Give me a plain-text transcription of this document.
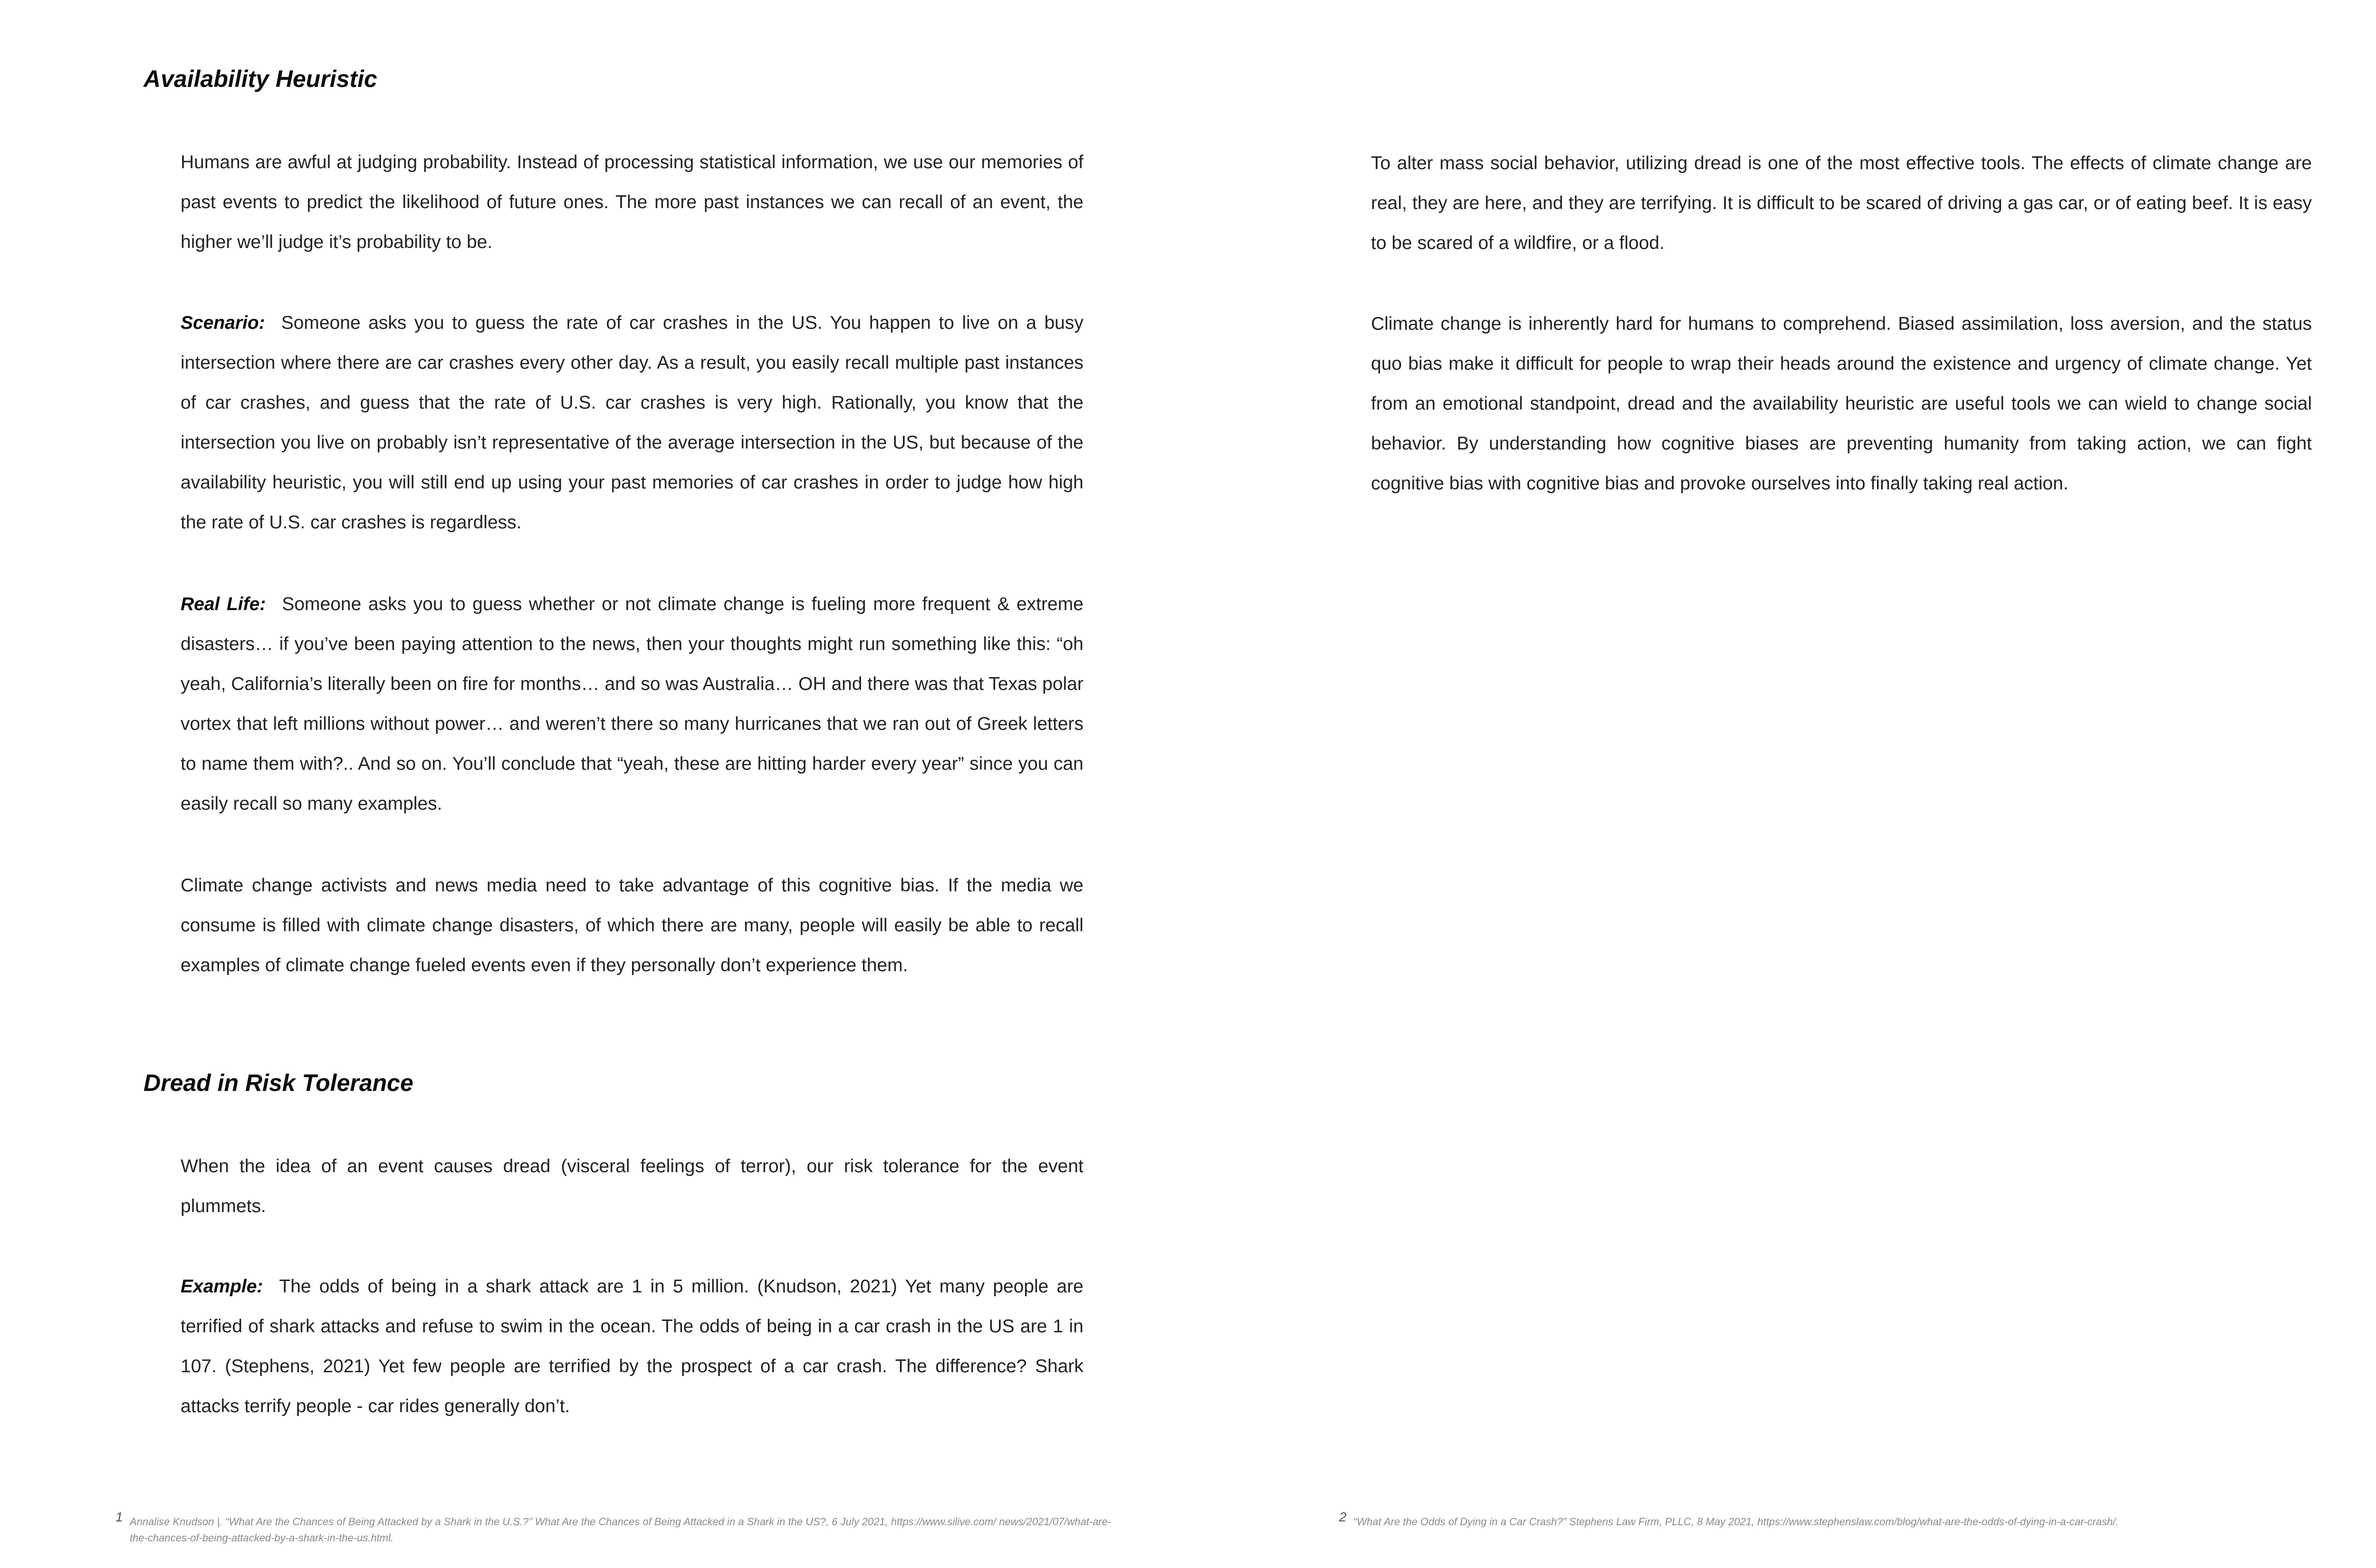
Availability Heuristic

Humans are awful at judging probability. Instead of processing statistical information, we use our memories of past events to predict the likelihood of future ones. The more past instances we can recall of an event, the higher we’ll judge it’s probability to be.

Scenario: Someone asks you to guess the rate of car crashes in the US. You happen to live on a busy intersection where there are car crashes every other day. As a result, you easily recall multiple past instances of car crashes, and guess that the rate of U.S. car crashes is very high. Rationally, you know that the intersection you live on probably isn’t representative of the average intersection in the US, but because of the availability heuristic, you will still end up using your past memories of car crashes in order to judge how high the rate of U.S. car crashes is regardless.

Real Life: Someone asks you to guess whether or not climate change is fueling more frequent & extreme disasters… if you’ve been paying attention to the news, then your thoughts might run something like this: “oh yeah, California’s literally been on fire for months… and so was Australia… OH and there was that Texas polar vortex that left millions without power… and weren’t there so many hurricanes that we ran out of Greek letters to name them with?.. And so on. You’ll conclude that “yeah, these are hitting harder every year” since you can easily recall so many examples.

Climate change activists and news media need to take advantage of this cognitive bias. If the media we consume is filled with climate change disasters, of which there are many, people will easily be able to recall examples of climate change fueled events even if they personally don’t experience them.

Dread in Risk Tolerance

When the idea of an event causes dread (visceral feelings of terror), our risk tolerance for the event plummets.

Example: The odds of being in a shark attack are 1 in 5 million. (Knudson, 2021) Yet many people are terrified of shark attacks and refuse to swim in the ocean. The odds of being in a car crash in the US are 1 in 107. (Stephens, 2021) Yet few people are terrified by the prospect of a car crash. The difference? Shark attacks terrify people - car rides generally don’t.

To alter mass social behavior, utilizing dread is one of the most effective tools. The effects of climate change are real, they are here, and they are terrifying. It is difficult to be scared of driving a gas car, or of eating beef. It is easy to be scared of a wildfire, or a flood.

Climate change is inherently hard for humans to comprehend. Biased assimilation, loss aversion, and the status quo bias make it difficult for people to wrap their heads around the existence and urgency of climate change. Yet from an emotional standpoint, dread and the availability heuristic are useful tools we can wield to change social behavior. By understanding how cognitive biases are preventing humanity from taking action, we can fight cognitive bias with cognitive bias and provoke ourselves into finally taking real action.

1 Annalise Knudson |. “What Are the Chances of Being Attacked by a Shark in the U.S.?” What Are the Chances of Being Attacked in a Shark in the US?, 6 July 2021, https://www.silive.com/ news/2021/07/what-are-the-chances-of-being-attacked-by-a-shark-in-the-us.html.
2 “What Are the Odds of Dying in a Car Crash?” Stephens Law Firm, PLLC, 8 May 2021, https://www.stephenslaw.com/blog/what-are-the-odds-of-dying-in-a-car-crash/.
